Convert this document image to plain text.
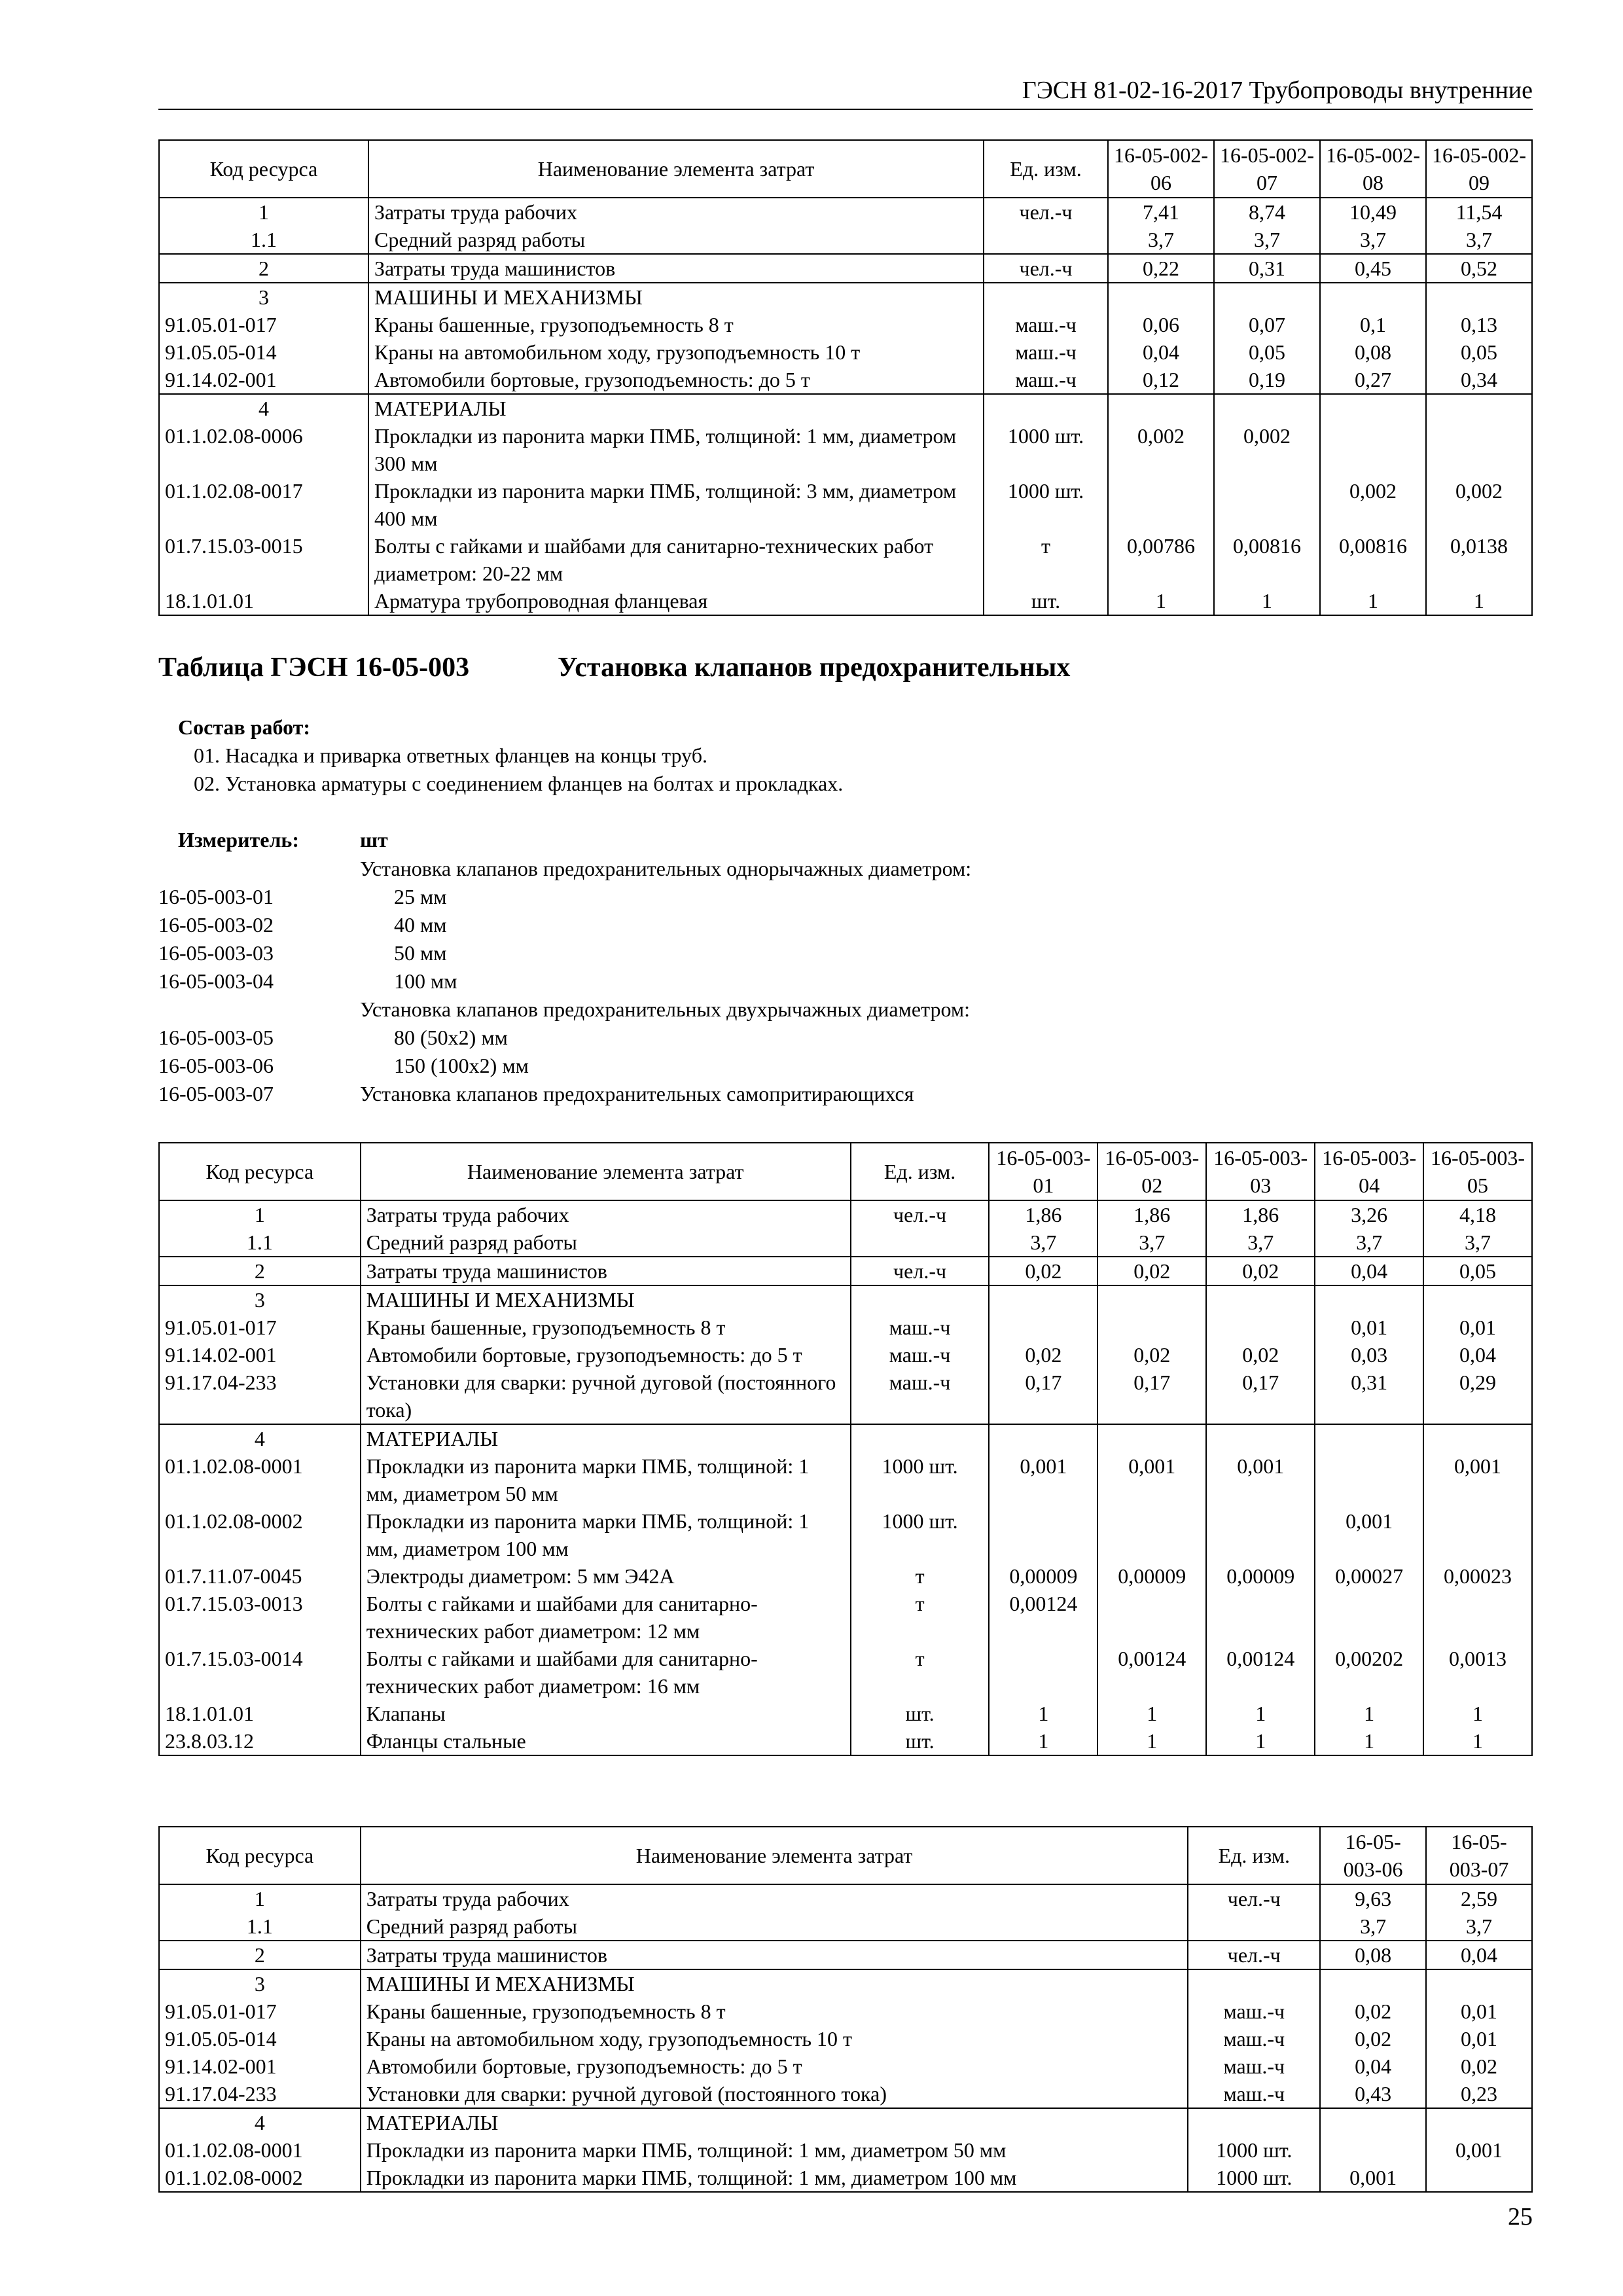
ГЭСН 81-02-16-2017 Трубопроводы внутренние
Код ресурса	Наименование элемента затрат	Ед. изм.	16-05-002-06	16-05-002-07	16-05-002-08	16-05-002-09
1	Затраты труда рабочих	чел.-ч	7,41	8,74	10,49	11,54
1.1	Средний разряд работы		3,7	3,7	3,7	3,7
2	Затраты труда машинистов	чел.-ч	0,22	0,31	0,45	0,52
3	МАШИНЫ И МЕХАНИЗМЫ					
91.05.01-017	Краны башенные, грузоподъемность 8 т	маш.-ч	0,06	0,07	0,1	0,13
91.05.05-014	Краны на автомобильном ходу, грузоподъемность 10 т	маш.-ч	0,04	0,05	0,08	0,05
91.14.02-001	Автомобили бортовые, грузоподъемность: до 5 т	маш.-ч	0,12	0,19	0,27	0,34
4	МАТЕРИАЛЫ					
01.1.02.08-0006	Прокладки из паронита марки ПМБ, толщиной: 1 мм, диаметром 300 мм	1000 шт.	0,002	0,002		
01.1.02.08-0017	Прокладки из паронита марки ПМБ, толщиной: 3 мм, диаметром 400 мм	1000 шт.			0,002	0,002
01.7.15.03-0015	Болты с гайками и шайбами для санитарно-технических работ диаметром: 20-22 мм	т	0,00786	0,00816	0,00816	0,0138
18.1.01.01	Арматура трубопроводная фланцевая	шт.	1	1	1	1
Таблица ГЭСН 16-05-003	Установка клапанов предохранительных
Состав работ:
01. Насадка и приварка ответных фланцев на концы труб.
02. Установка арматуры с соединением фланцев на болтах и прокладках.
Измеритель:	шт
Установка клапанов предохранительных однорычажных диаметром:
16-05-003-01	25 мм
16-05-003-02	40 мм
16-05-003-03	50 мм
16-05-003-04	100 мм
Установка клапанов предохранительных двухрычажных диаметром:
16-05-003-05	80 (50х2) мм
16-05-003-06	150 (100х2) мм
16-05-003-07	Установка клапанов предохранительных самопритирающихся
Код ресурса	Наименование элемента затрат	Ед. изм.	16-05-003-01	16-05-003-02	16-05-003-03	16-05-003-04	16-05-003-05
1	Затраты труда рабочих	чел.-ч	1,86	1,86	1,86	3,26	4,18
1.1	Средний разряд работы		3,7	3,7	3,7	3,7	3,7
2	Затраты труда машинистов	чел.-ч	0,02	0,02	0,02	0,04	0,05
3	МАШИНЫ И МЕХАНИЗМЫ						
91.05.01-017	Краны башенные, грузоподъемность 8 т	маш.-ч				0,01	0,01
91.14.02-001	Автомобили бортовые, грузоподъемность: до 5 т	маш.-ч	0,02	0,02	0,02	0,03	0,04
91.17.04-233	Установки для сварки: ручной дуговой (постоянного тока)	маш.-ч	0,17	0,17	0,17	0,31	0,29
4	МАТЕРИАЛЫ						
01.1.02.08-0001	Прокладки из паронита марки ПМБ, толщиной: 1 мм, диаметром 50 мм	1000 шт.	0,001	0,001	0,001		0,001
01.1.02.08-0002	Прокладки из паронита марки ПМБ, толщиной: 1 мм, диаметром 100 мм	1000 шт.				0,001	
01.7.11.07-0045	Электроды диаметром: 5 мм Э42А	т	0,00009	0,00009	0,00009	0,00027	0,00023
01.7.15.03-0013	Болты с гайками и шайбами для санитарно-технических работ диаметром: 12 мм	т	0,00124				
01.7.15.03-0014	Болты с гайками и шайбами для санитарно-технических работ диаметром: 16 мм	т		0,00124	0,00124	0,00202	0,0013
18.1.01.01	Клапаны	шт.	1	1	1	1	1
23.8.03.12	Фланцы стальные	шт.	1	1	1	1	1
Код ресурса	Наименование элемента затрат	Ед. изм.	16-05-003-06	16-05-003-07
1	Затраты труда рабочих	чел.-ч	9,63	2,59
1.1	Средний разряд работы		3,7	3,7
2	Затраты труда машинистов	чел.-ч	0,08	0,04
3	МАШИНЫ И МЕХАНИЗМЫ			
91.05.01-017	Краны башенные, грузоподъемность 8 т	маш.-ч	0,02	0,01
91.05.05-014	Краны на автомобильном ходу, грузоподъемность 10 т	маш.-ч	0,02	0,01
91.14.02-001	Автомобили бортовые, грузоподъемность: до 5 т	маш.-ч	0,04	0,02
91.17.04-233	Установки для сварки: ручной дуговой (постоянного тока)	маш.-ч	0,43	0,23
4	МАТЕРИАЛЫ			
01.1.02.08-0001	Прокладки из паронита марки ПМБ, толщиной: 1 мм, диаметром 50 мм	1000 шт.		0,001
01.1.02.08-0002	Прокладки из паронита марки ПМБ, толщиной: 1 мм, диаметром 100 мм	1000 шт.	0,001	
25
